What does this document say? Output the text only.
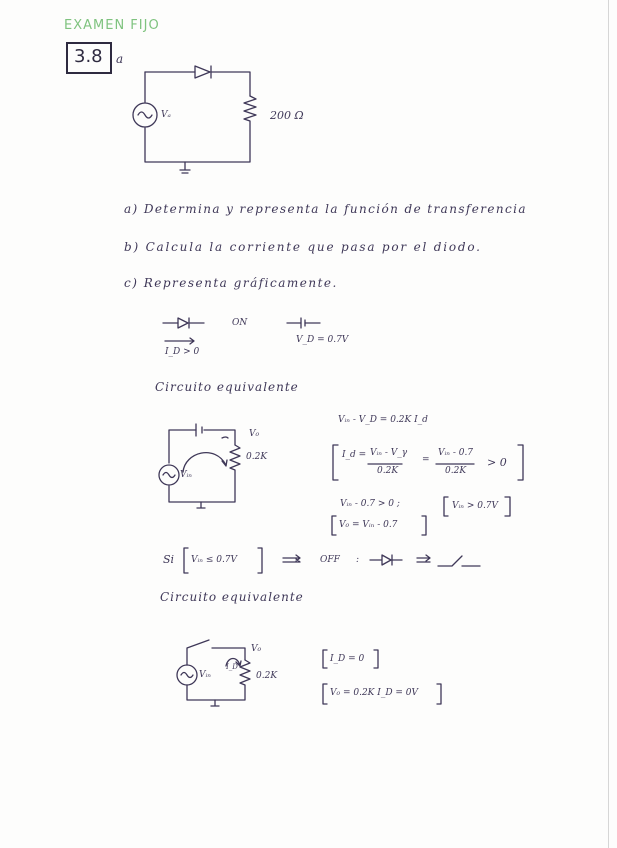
EXAMEN FIJO
3.8 a
Vₐ	200 Ω
a) Determina y representa la función de transferencia
b) Calcula la corriente que pasa por el diodo.
c) Representa gráficamente.
ON
I_D > 0
V_D = 0.7V
Circuito equivalente
V₀
0.2K
Vᵢₙ
Vᵢₙ - V_D = 0.2K I_d
I_d = Vᵢₙ - V_γ
0.2K
=
Vᵢₙ - 0.7
0.2K
> 0
Vᵢₙ - 0.7 > 0 ;	Vᵢₙ > 0.7V
V₀ = Vᵢₙ - 0.7
Si Vᵢₙ ≤ 0.7V	OFF :
Circuito equivalente
V₀
Vᵢₙ
I_D
0.2K
I_D = 0
V₀ = 0.2K I_D = 0V
